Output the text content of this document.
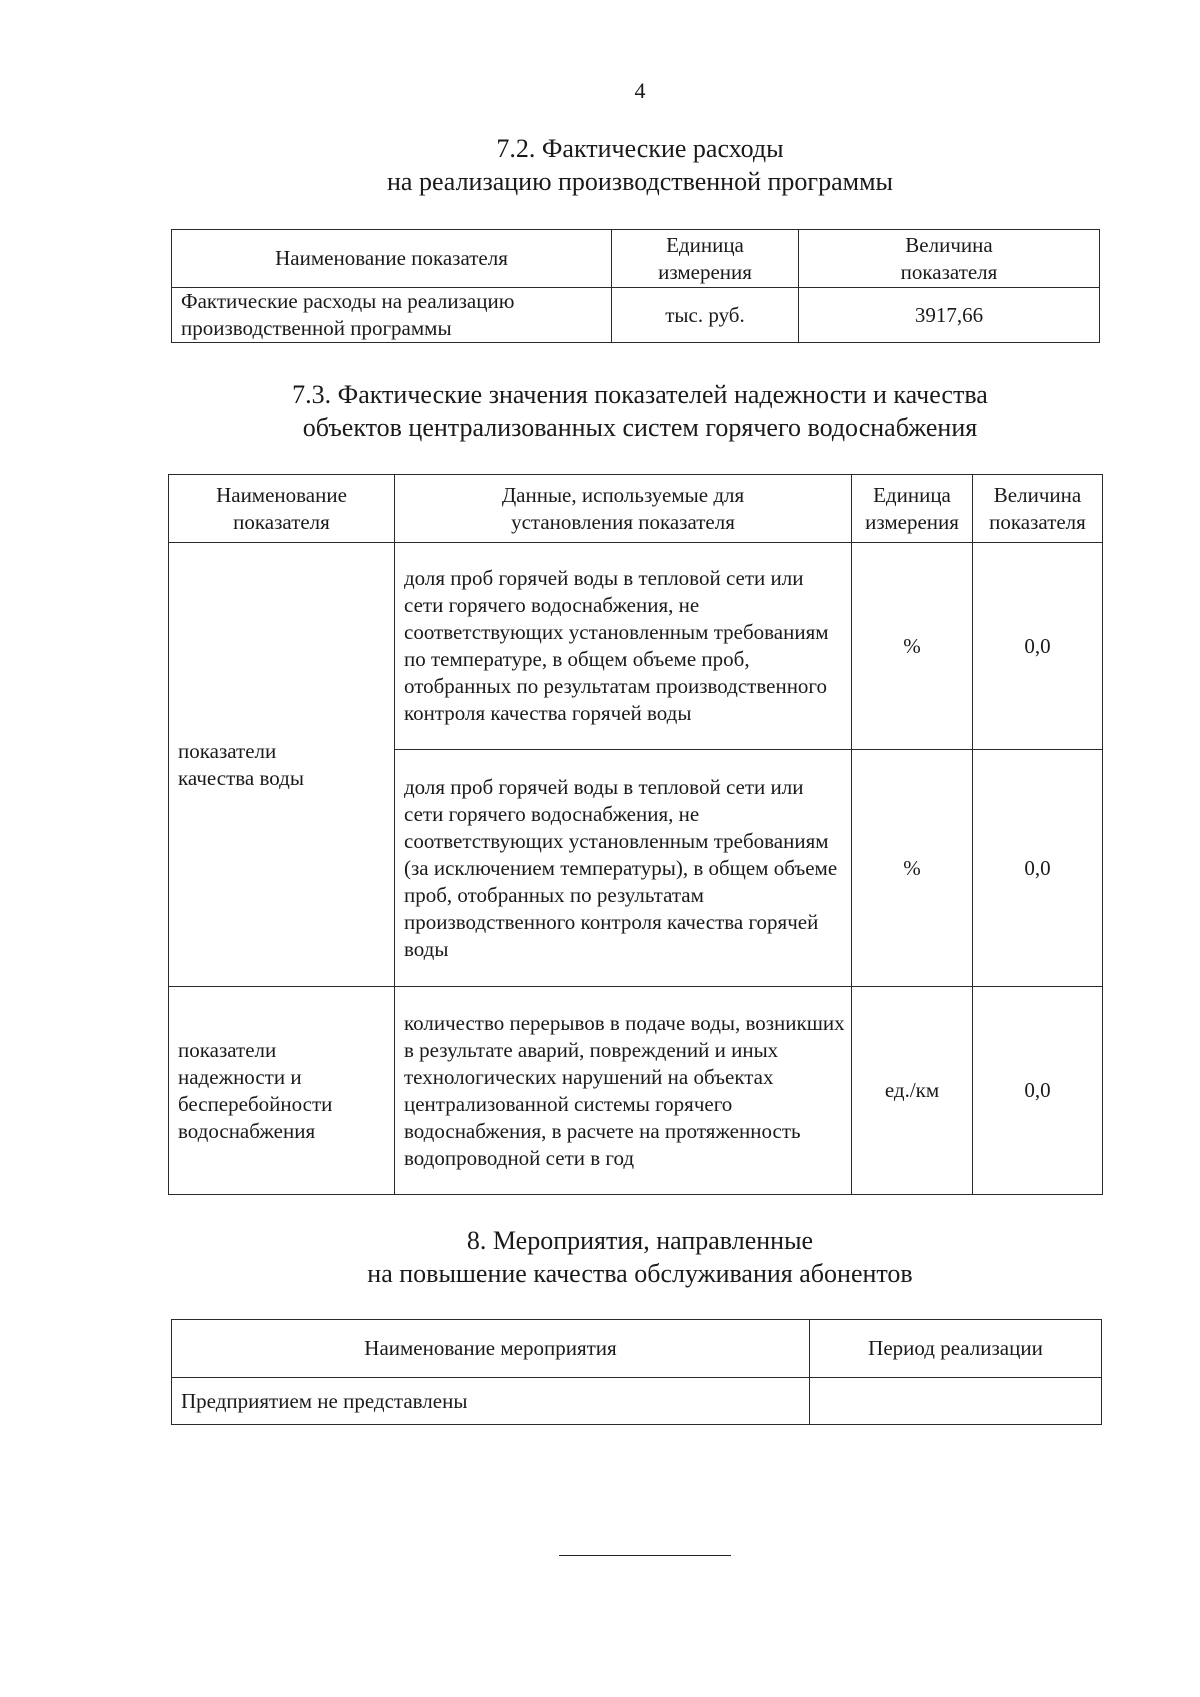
4
7.2. Фактические расходы
на реализацию производственной программы
Наименование показателя	Единица измерения	Величина показателя
Фактические расходы на реализацию производственной программы	тыс. руб.	3917,66
7.3. Фактические значения показателей надежности и качества
объектов централизованных систем горячего водоснабжения
Наименование показателя	Данные, используемые для установления показателя	Единица измерения	Величина показателя
показатели качества воды	доля проб горячей воды в тепловой сети или сети горячего водоснабжения, не соответствующих установленным требованиям по температуре, в общем объеме проб, отобранных по результатам производственного контроля качества горячей воды	%	0,0
	доля проб горячей воды в тепловой сети или сети горячего водоснабжения, не соответствующих установленным требованиям (за исключением температуры), в общем объеме проб, отобранных по результатам производственного контроля качества горячей воды	%	0,0
показатели надежности и бесперебойности водоснабжения	количество перерывов в подаче воды, возникших в результате аварий, повреждений и иных технологических нарушений на объектах централизованной системы горячего водоснабжения, в расчете на протяженность водопроводной сети в год	ед./км	0,0
8. Мероприятия, направленные
на повышение качества обслуживания абонентов
Наименование мероприятия	Период реализации
Предприятием не представлены	
